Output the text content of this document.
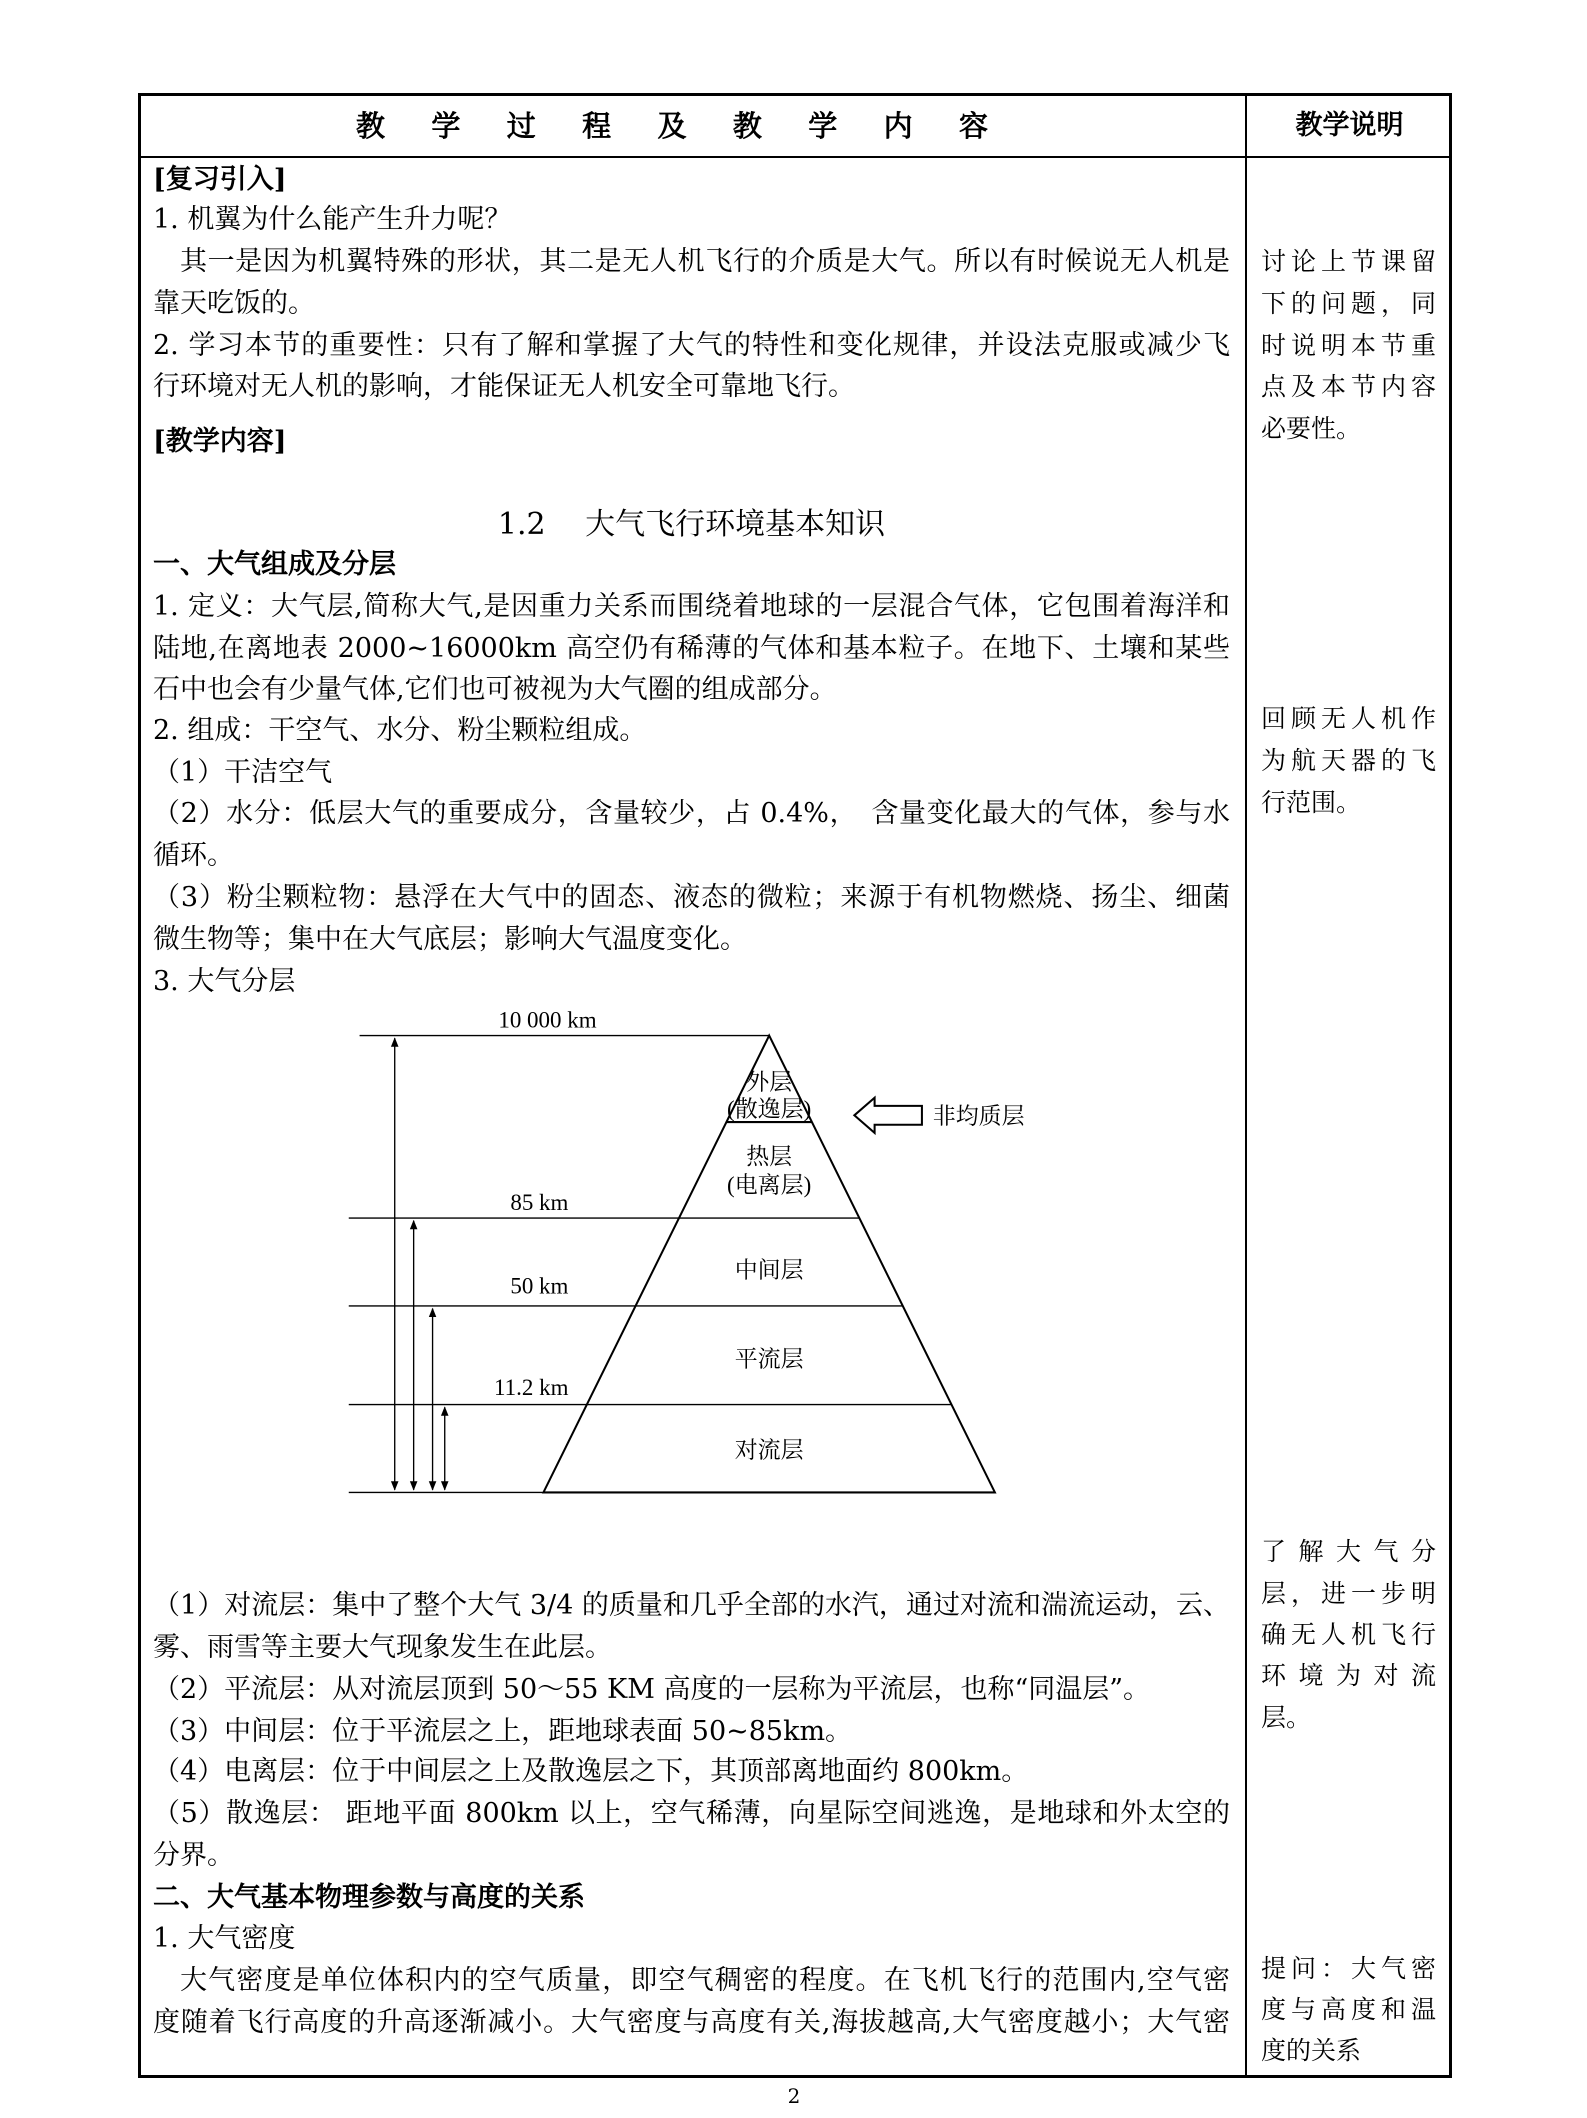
教学过程及教学内容	教学说明
[复习引入]
1. 机翼为什么能产生升力呢？
其一是因为机翼特殊的形状，其二是无人机飞行的介质是大气。所以有时候说无人机是
靠天吃饭的。
2. 学习本节的重要性：只有了解和掌握了大气的特性和变化规律，并设法克服或减少飞
行环境对无人机的影响，才能保证无人机安全可靠地飞行。
[教学内容]
1.2　 大气飞行环境基本知识
一、大气组成及分层
1. 定义：大气层,简称大气,是因重力关系而围绕着地球的一层混合气体，它包围着海洋和
陆地,在离地表 2000~16000km 高空仍有稀薄的气体和基本粒子。在地下、土壤和某些
石中也会有少量气体,它们也可被视为大气圈的组成部分。
2. 组成：干空气、水分、粉尘颗粒组成。
（1）干洁空气
（2）水分：低层大气的重要成分，含量较少，占 0.4%，　含量变化最大的气体，参与水
循环。
（3）粉尘颗粒物：悬浮在大气中的固态、液态的微粒；来源于有机物燃烧、扬尘、细菌
微生物等；集中在大气底层；影响大气温度变化。
3. 大气分层
10 000 km
85 km
50 km
11.2 km
外层
(散逸层)
热层
(电离层)
中间层
平流层
对流层
非均质层
（1）对流层：集中了整个大气 3/4 的质量和几乎全部的水汽，通过对流和湍流运动，云、
雾、雨雪等主要大气现象发生在此层。
（2）平流层：从对流层顶到 50～55 KM 高度的一层称为平流层，也称“同温层”。
（3）中间层：位于平流层之上，距地球表面 50~85km。
（4）电离层：位于中间层之上及散逸层之下，其顶部离地面约 800km。
（5）散逸层： 距地平面 800km 以上，空气稀薄，向星际空间逃逸，是地球和外太空的
分界。
二、大气基本物理参数与高度的关系
1. 大气密度
大气密度是单位体积内的空气质量，即空气稠密的程度。在飞机飞行的范围内,空气密
度随着飞行高度的升高逐渐减小。大气密度与高度有关,海拔越高,大气密度越小；大气密
讨论上节课留
下的问题，同
时说明本节重
点及本节内容
必要性。
回顾无人机作
为航天器的飞
行范围。
了解大气分
层，进一步明
确无人机飞行
环境为对流
层。
提问：大气密
度与高度和温
度的关系
2
